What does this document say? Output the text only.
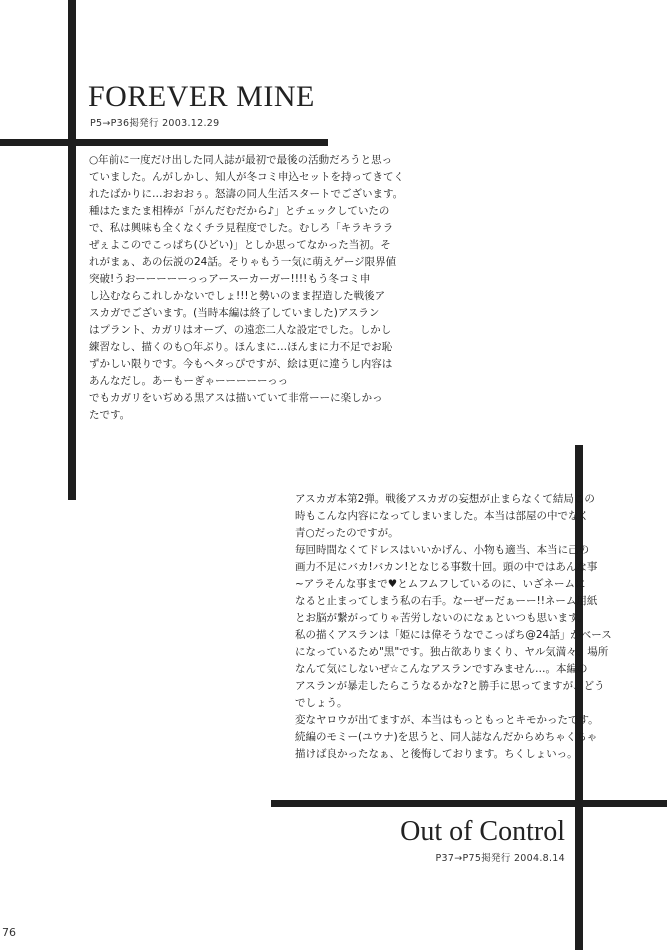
FOREVER MINE
P5→P36掲発行 2003.12.29
○年前に一度だけ出した同人誌が最初で最後の活動だろうと思っ
ていました。んがしかし、知人が冬コミ申込セットを持ってきてく
れたばかりに…おおおぅ。怒濤の同人生活スタートでございます。
種はたまたま相棒が「がんだむだから♪」とチェックしていたの
で、私は興味も全くなくチラ見程度でした。むしろ「キラキララ
ぜぇよこのでこっぱち(ひどい)」としか思ってなかった当初。そ
れがまぁ、あの伝説の24話。そりゃもう一気に萌えゲージ限界値
突破!うおーーーーーっっアースーカーガー!!!!もう冬コミ申
し込むならこれしかないでしょ!!!と勢いのまま捏造した戦後ア
スカガでございます。(当時本編は終了していました)アスラン
はプラント、カガリはオーブ、の遠恋二人な設定でした。しかし
練習なし、描くのも○年ぶり。ほんまに…ほんまに力不足でお恥
ずかしい限りです。今もヘタっぴですが、絵は更に違うし内容は
あんなだし。あーもーぎゃーーーーーっっ
でもカガリをいぢめる黒アスは描いていて非常ーーに楽しかっ
たです。
アスカガ本第2弾。戦後アスカガの妄想が止まらなくて結局この
時もこんな内容になってしまいました。本当は部屋の中でなく
青○だったのですが。
毎回時間なくてドレスはいいかげん、小物も適当、本当に己の
画力不足にバカ!バカン!となじる事数十回。頭の中ではあんな事
~アラそんな事まで♥とムフムフしているのに、いざネームに
なると止まってしまう私の右手。なーぜーだぁーー!!ネーム用紙
とお脳が繋がってりゃ苦労しないのになぁといつも思います。
私の描くアスランは「姫には偉そうなでこっぱち@24話」がベース
になっているため"黒"です。独占欲ありまくり、ヤル気満々、場所
なんて気にしないぜ☆こんなアスランですみません…。本編の
アスランが暴走したらこうなるかな?と勝手に思ってますが、どう
でしょう。
変なヤロウが出てますが、本当はもっともっとキモかったです。
続編のモミー(ユウナ)を思うと、同人誌なんだからめちゃくちゃ
描けば良かったなぁ、と後悔しております。ちくしょいっ。
Out of Control
P37→P75掲発行 2004.8.14
76
